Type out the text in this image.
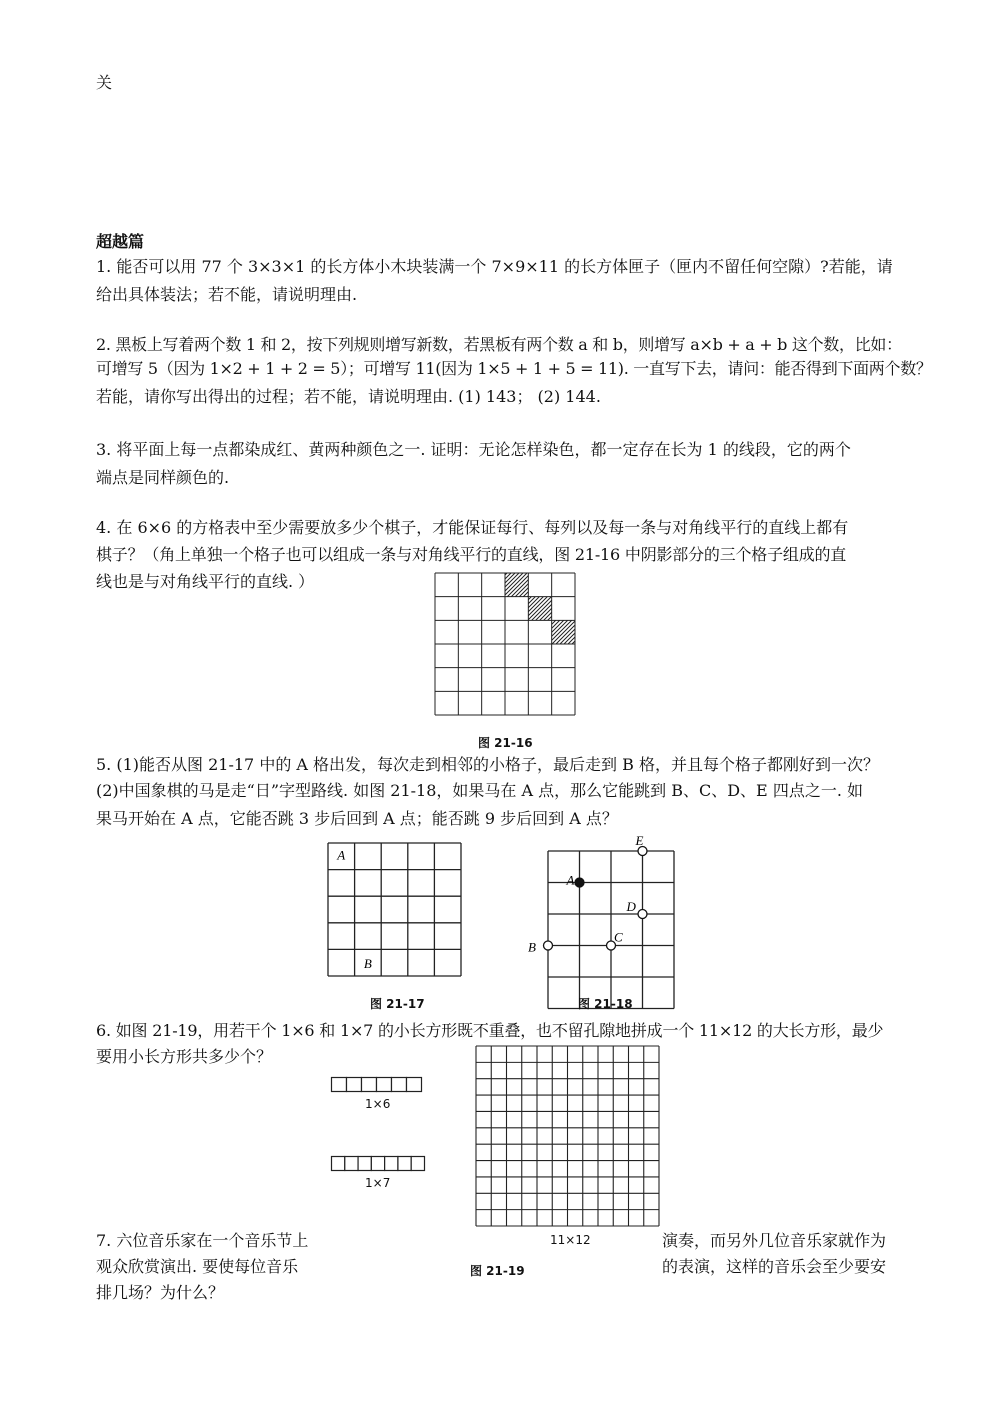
关
超越篇
1. 能否可以用 77 个 3×3×1 的长方体小木块装满一个 7×9×11 的长方体匣子（匣内不留任何空隙）?若能，请
给出具体装法；若不能，请说明理由.
2. 黑板上写着两个数 1 和 2，按下列规则增写新数，若黑板有两个数 a 和 b，则增写 a×b + a + b 这个数，比如：
可增写 5（因为 1×2 + 1 + 2 = 5）；可增写 11(因为 1×5 + 1 + 5 = 11). 一直写下去，请问：能否得到下面两个数？
若能，请你写出得出的过程；若不能，请说明理由. (1) 143； (2) 144.
3. 将平面上每一点都染成红、黄两种颜色之一. 证明：无论怎样染色，都一定存在长为 1 的线段，它的两个
端点是同样颜色的.
4. 在 6×6 的方格表中至少需要放多少个棋子，才能保证每行、每列以及每一条与对角线平行的直线上都有
棋子？（角上单独一个格子也可以组成一条与对角线平行的直线，图 21-16 中阴影部分的三个格子组成的直
线也是与对角线平行的直线. ）
图 21-16
5. (1)能否从图 21-17 中的 A 格出发，每次走到相邻的小格子，最后走到 B 格，并且每个格子都刚好到一次？
(2)中国象棋的马是走“日”字型路线. 如图 21-18，如果马在 A 点，那么它能跳到 B、C、D、E 四点之一. 如
果马开始在 A 点，它能否跳 3 步后回到 A 点；能否跳 9 步后回到 A 点？
A
B
图 21-17
A
B
C
D
E
图 21-18
6. 如图 21-19，用若干个 1×6 和 1×7 的小长方形既不重叠，也不留孔隙地拼成一个 11×12 的大长方形，最少
要用小长方形共多少个？
1×6
1×7
11×12
图 21-19
7. 六位音乐家在一个音乐节上	演奏，而另外几位音乐家就作为
观众欣赏演出. 要使每位音乐	的表演，这样的音乐会至少要安
排几场？为什么？
